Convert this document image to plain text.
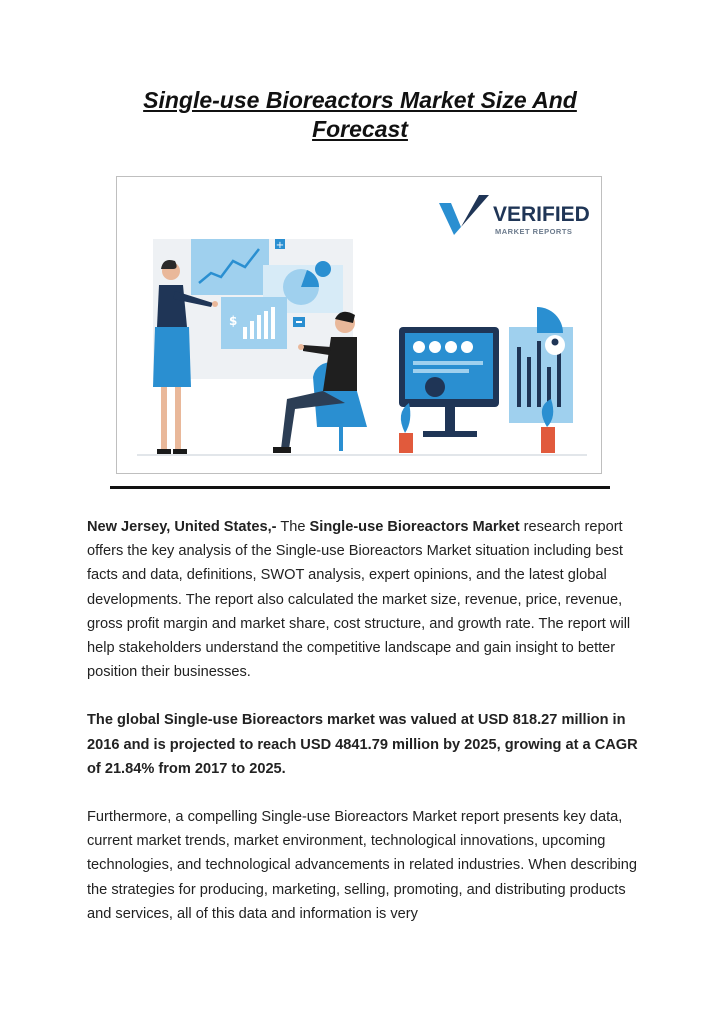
Single-use Bioreactors Market Size And
Forecast
VERIFIED
MARKET REPORTS
+
$

New Jersey, United States,- The Single-use Bioreactors Market research report offers the key analysis of the Single-use Bioreactors Market situation including best facts and data, definitions, SWOT analysis, expert opinions, and the latest global developments. The report also calculated the market size, revenue, price, revenue, gross profit margin and market share, cost structure, and growth rate. The report will help stakeholders understand the competitive landscape and gain insight to better position their businesses.

The global Single-use Bioreactors market was valued at USD 818.27 million in 2016 and is projected to reach USD 4841.79 million by 2025, growing at a CAGR of 21.84% from 2017 to 2025.

Furthermore, a compelling Single-use Bioreactors Market report presents key data, current market trends, market environment, technological innovations, upcoming technologies, and technological advancements in related industries. When describing the strategies for producing, marketing, selling, promoting, and distributing products and services, all of this data and information is very
